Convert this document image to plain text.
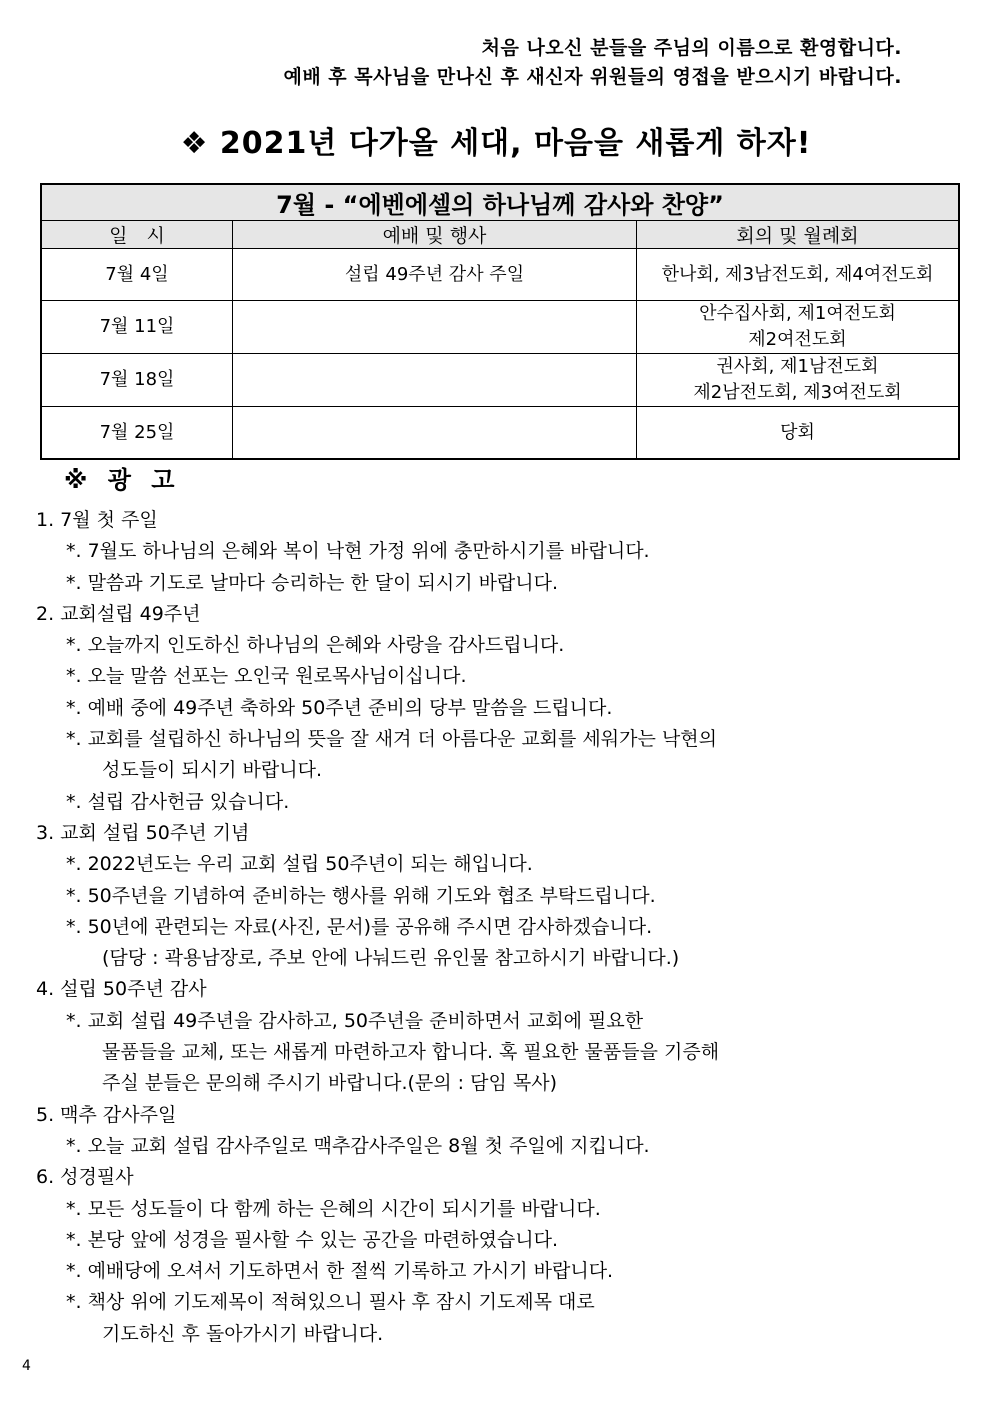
처음 나오신 분들을 주님의 이름으로 환영합니다.
예배 후 목사님을 만나신 후 새신자 위원들의 영접을 받으시기 바랍니다.
❖ 2021년 다가올 세대, 마음을 새롭게 하자!
7월 - “에벤에셀의 하나님께 감사와 찬양”		
일　시	예배 및 행사	회의 및 월례회
7월 4일	설립 49주년 감사 주일	한나회, 제3남전도회, 제4여전도회

7월 11일		안수집사회, 제1여전도회
제2여전도회

7월 18일		권사회, 제1남전도회
제2남전도회, 제3여전도회

7월 25일		당회
※ 광 고
1. 7월 첫 주일
*. 7월도 하나님의 은혜와 복이 낙현 가정 위에 충만하시기를 바랍니다.
*. 말씀과 기도로 날마다 승리하는 한 달이 되시기 바랍니다.
2. 교회설립 49주년
*. 오늘까지 인도하신 하나님의 은혜와 사랑을 감사드립니다.
*. 오늘 말씀 선포는 오인국 원로목사님이십니다.
*. 예배 중에 49주년 축하와 50주년 준비의 당부 말씀을 드립니다.
*. 교회를 설립하신 하나님의 뜻을 잘 새겨 더 아름다운 교회를 세워가는 낙현의
성도들이 되시기 바랍니다.
*. 설립 감사헌금 있습니다.
3. 교회 설립 50주년 기념
*. 2022년도는 우리 교회 설립 50주년이 되는 해입니다.
*. 50주년을 기념하여 준비하는 행사를 위해 기도와 협조 부탁드립니다.
*. 50년에 관련되는 자료(사진, 문서)를 공유해 주시면 감사하겠습니다.
(담당 : 곽용남장로, 주보 안에 나눠드린 유인물 참고하시기 바랍니다.)
4. 설립 50주년 감사
*. 교회 설립 49주년을 감사하고, 50주년을 준비하면서 교회에 필요한
물품들을 교체, 또는 새롭게 마련하고자 합니다. 혹 필요한 물품들을 기증해
주실 분들은 문의해 주시기 바랍니다.(문의 : 담임 목사)
5. 맥추 감사주일
*. 오늘 교회 설립 감사주일로 맥추감사주일은 8월 첫 주일에 지킵니다.
6. 성경필사
*. 모든 성도들이 다 함께 하는 은혜의 시간이 되시기를 바랍니다.
*. 본당 앞에 성경을 필사할 수 있는 공간을 마련하였습니다.
*. 예배당에 오셔서 기도하면서 한 절씩 기록하고 가시기 바랍니다.
*. 책상 위에 기도제목이 적혀있으니 필사 후 잠시 기도제목 대로
기도하신 후 돌아가시기 바랍니다.
4
